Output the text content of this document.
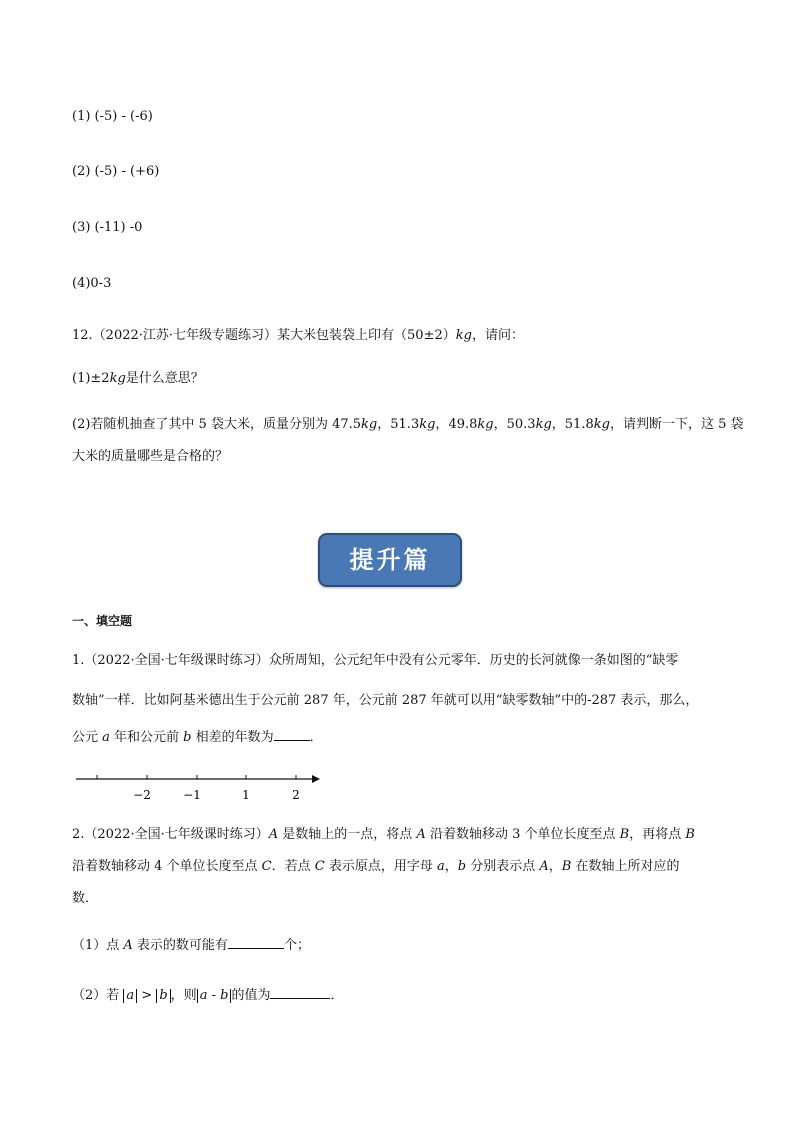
(1) (-5) - (-6)
(2) (-5) - (+6)
(3) (-11) -0
(4)0-3
12.（2022·江苏·七年级专题练习）某大米包装袋上印有（50±2）kg，请问：
(1)±2kg是什么意思？
(2)若随机抽查了其中 5 袋大米，质量分别为 47.5kg，51.3kg，49.8kg，50.3kg，51.8kg，请判断一下，这 5 袋
大米的质量哪些是合格的？
提升篇
一、填空题
1.（2022·全国·七年级课时练习）众所周知，公元纪年中没有公元零年．历史的长河就像一条如图的“缺零
数轴”一样．比如阿基米德出生于公元前 287 年，公元前 287 年就可以用“缺零数轴”中的-287 表示，那么，
公元 a 年和公元前 b 相差的年数为	．
−2	−1	1	2
2.（2022·全国·七年级课时练习）A 是数轴上的一点，将点 A 沿着数轴移动 3 个单位长度至点 B，再将点 B
沿着数轴移动 4 个单位长度至点 C．若点 C 表示原点，用字母 a，b 分别表示点 A，B 在数轴上所对应的
数．
（1）点 A 表示的数可能有	个；
（2）若 a > b ，则 a - b 的值为	．
